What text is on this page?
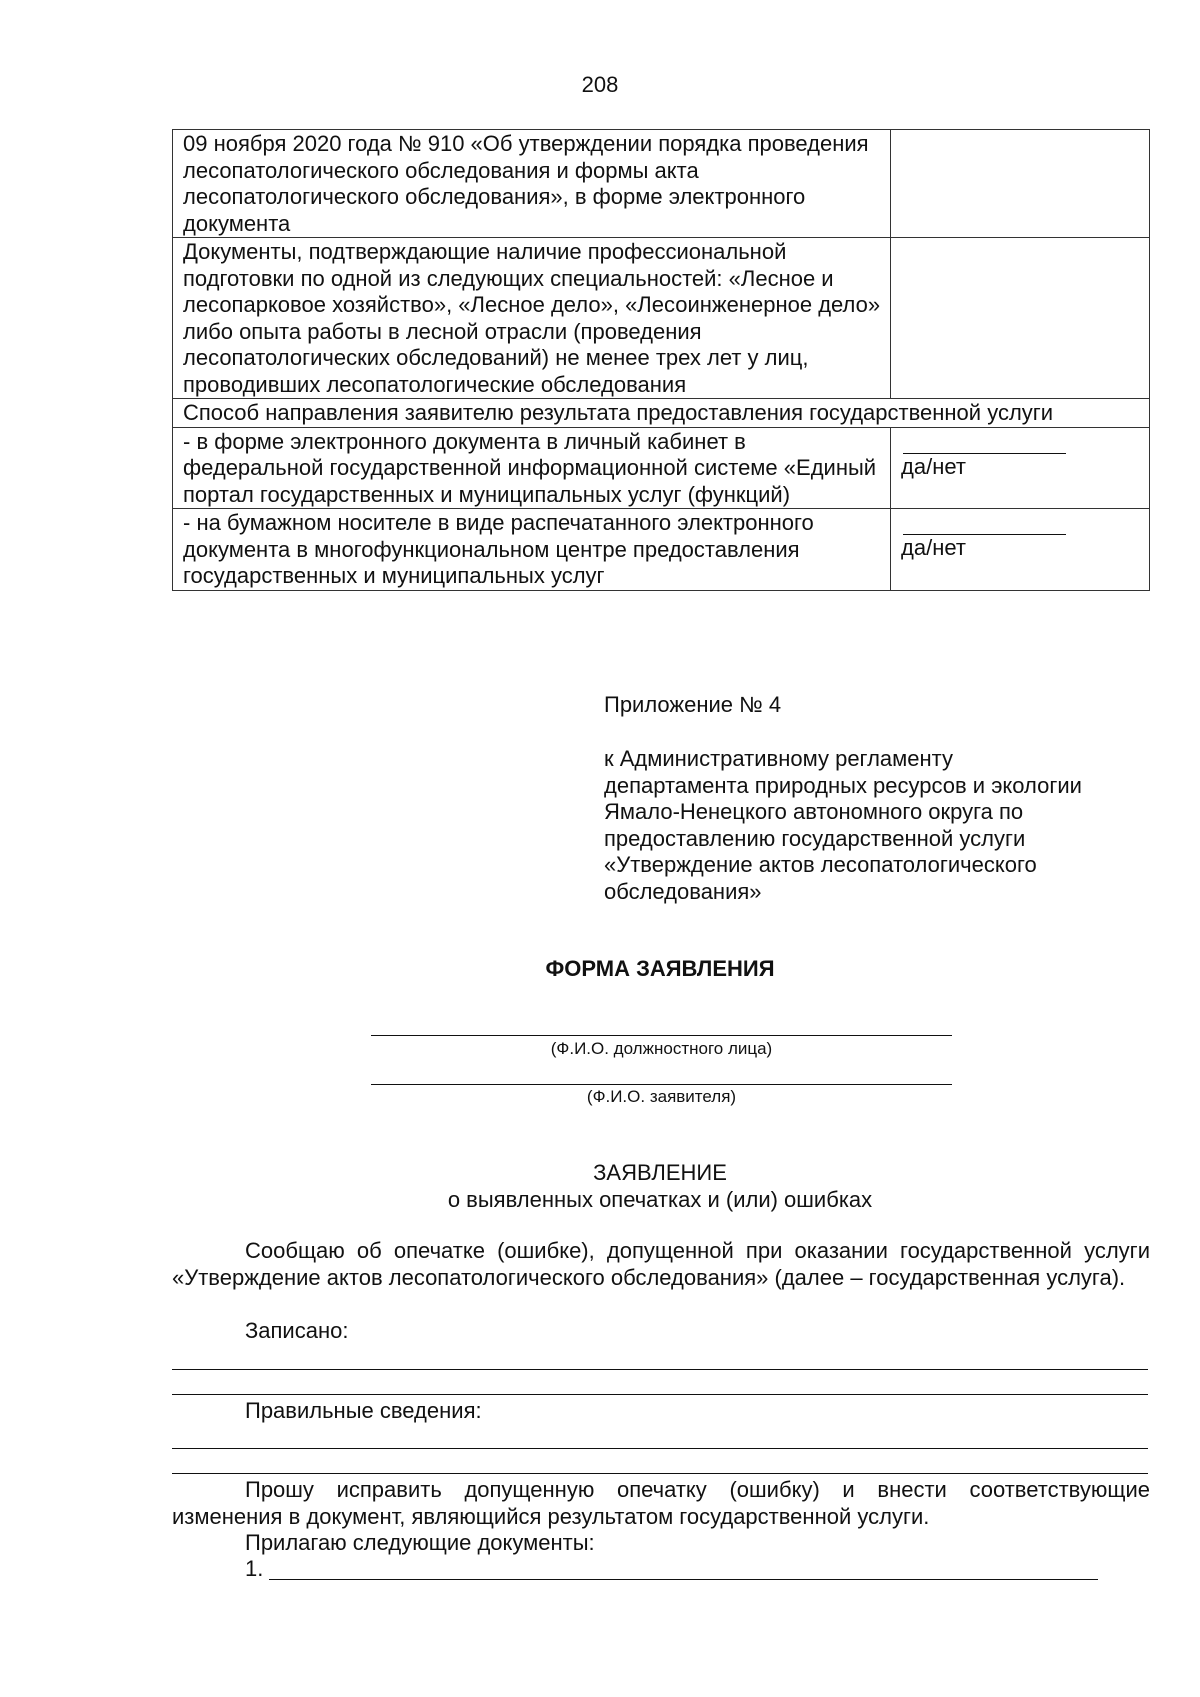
208
09 ноября 2020 года № 910 «Об утверждении порядка проведения лесопатологического обследования и формы акта лесопатологического обследования», в форме электронного документа	
Документы, подтверждающие наличие профессиональной подготовки по одной из следующих специальностей: «Лесное и лесопарковое хозяйство», «Лесное дело», «Лесоинженерное дело» либо опыта работы в лесной отрасли (проведения лесопатологических обследований) не менее трех лет у лиц, проводивших лесопатологические обследования	
Способ направления заявителю результата предоставления государственной услуги	
- в форме электронного документа в личный кабинет в федеральной государственной информационной системе «Единый портал государственных и муниципальных услуг (функций)	да/нет

- на бумажном носителе в виде распечатанного электронного документа в многофункциональном центре предоставления государственных и муниципальных услуг	да/нет
Приложение № 4
к Административному регламенту
департамента природных ресурсов и экологии
Ямало-Ненецкого автономного округа по
предоставлению государственной услуги
«Утверждение актов лесопатологического
обследования»
ФОРМА ЗАЯВЛЕНИЯ
(Ф.И.О. должностного лица)
(Ф.И.О. заявителя)
ЗАЯВЛЕНИЕ
о выявленных опечатках и (или) ошибках
Сообщаю об опечатке (ошибке), допущенной при оказании государственной услуги «Утверждение актов лесопатологического обследования» (далее – государственная услуга).
Записано:
Правильные сведения:
Прошу исправить допущенную опечатку (ошибку) и внести соответствующие изменения в документ, являющийся результатом государственной услуги.
Прилагаю следующие документы:
1.
